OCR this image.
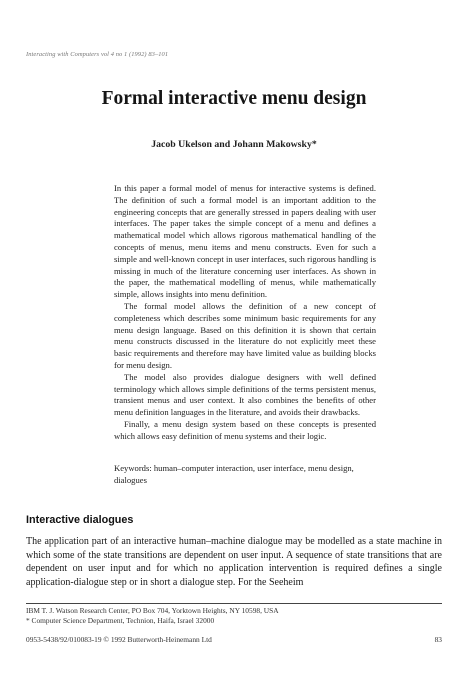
Interacting with Computers vol 4 no 1 (1992) 83–101
Formal interactive menu design
Jacob Ukelson and Johann Makowsky*

In this paper a formal model of menus for interactive systems is defined. The definition of such a formal model is an important addition to the engineering concepts that are generally stressed in papers dealing with user interfaces. The paper takes the simple concept of a menu and defines a mathematical model which allows rigorous mathematical handling of the concepts of menus, menu items and menu constructs. Even for such a simple and well-known concept in user interfaces, such rigorous handling is missing in much of the literature concerning user interfaces. As shown in the paper, the mathematical modelling of menus, while mathematically simple, allows insights into menu definition.

The formal model allows the definition of a new concept of completeness which describes some minimum basic requirements for any menu design language. Based on this definition it is shown that certain menu constructs discussed in the literature do not explicitly meet these basic requirements and therefore may have limited value as building blocks for menu design.

The model also provides dialogue designers with well defined terminology which allows simple definitions of the terms persistent menus, transient menus and user context. It also combines the benefits of other menu definition languages in the literature, and avoids their drawbacks.

Finally, a menu design system based on these concepts is presented which allows easy definition of menu systems and their logic.

Keywords: human–computer interaction, user interface, menu design, dialogues
Interactive dialogues

The application part of an interactive human–machine dialogue may be modelled as a state machine in which some of the state transitions are dependent on user input. A sequence of state transitions that are dependent on user input and for which no application intervention is required defines a single application-dialogue step or in short a dialogue step. For the Seeheim

IBM T. J. Watson Research Center, PO Box 704, Yorktown Heights, NY 10598, USA
* Computer Science Department, Technion, Haifa, Israel 32000
0953-5438/92/010083-19 © 1992 Butterworth-Heinemann Ltd	83
